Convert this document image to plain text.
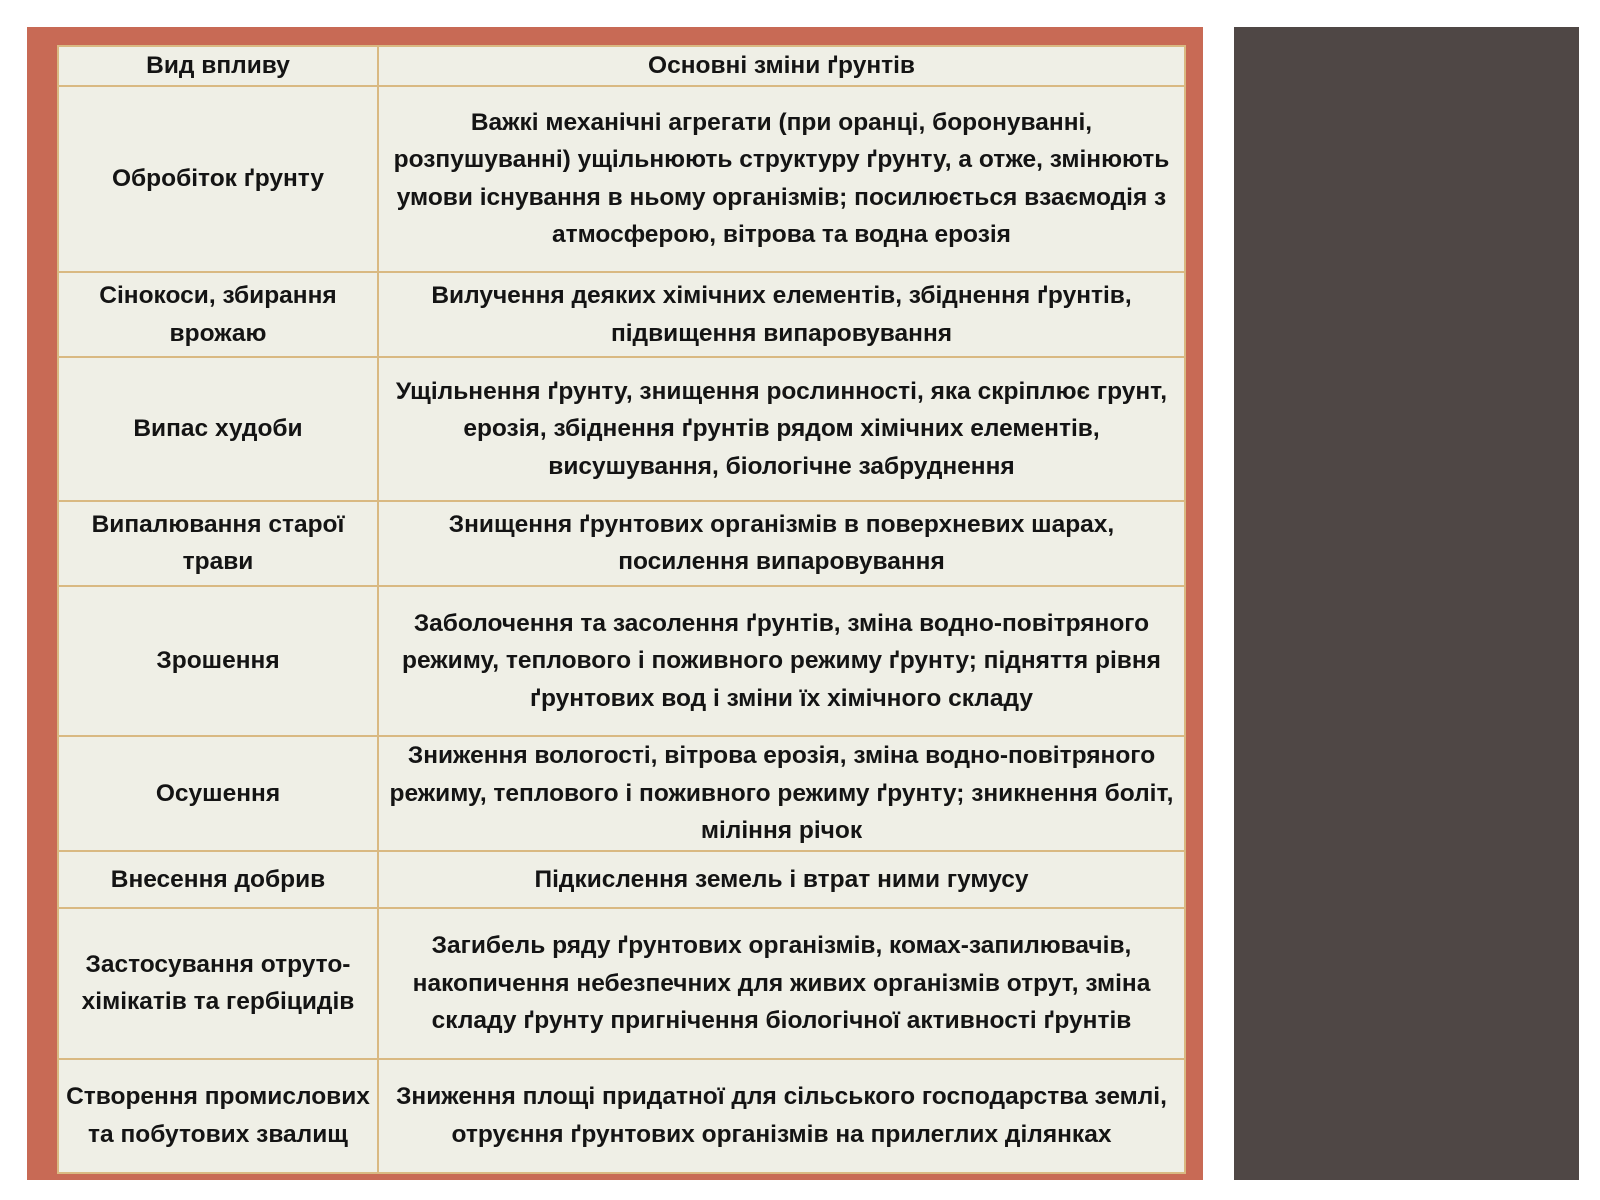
Вид впливу	Основні зміни ґрунтів
Обробіток ґрунту	Важкі механічні агрегати (при оранці, боронуванні, розпушуванні) ущільнюють структуру ґрунту, а отже, змінюють умови існування в ньому організмів; посилюється взаємодія з атмосферою, вітрова та водна ерозія
Сінокоси, збирання врожаю	Вилучення деяких хімічних елементів, збіднення ґрунтів, підвищення випаровування
Випас худоби	Ущільнення ґрунту, знищення рослинності, яка скріплює грунт, ерозія, збіднення ґрунтів рядом хімічних елементів, висушування, біологічне забруднення
Випалювання старої трави	Знищення ґрунтових організмів в поверхневих шарах, посилення випаровування
Зрошення	Заболочення та засолення ґрунтів, зміна водно-повітряного режиму, теплового і поживного режиму ґрунту; підняття рівня ґрунтових вод і зміни їх хімічного складу
Осушення	Зниження вологості, вітрова ерозія, зміна водно-повітряного режиму, теплового і поживного режиму ґрунту; зникнення боліт, міління річок
Внесення добрив	Підкислення земель і втрат ними гумусу
Застосування отруто-хімікатів та гербіцидів	Загибель ряду ґрунтових організмів, комах-запилювачів, накопичення небезпечних для живих організмів отрут, зміна складу ґрунту пригнічення біологічної активності ґрунтів
Створення промислових та побутових звалищ	Зниження площі придатної для сільського господарства землі, отруєння ґрунтових організмів на прилеглих ділянках
